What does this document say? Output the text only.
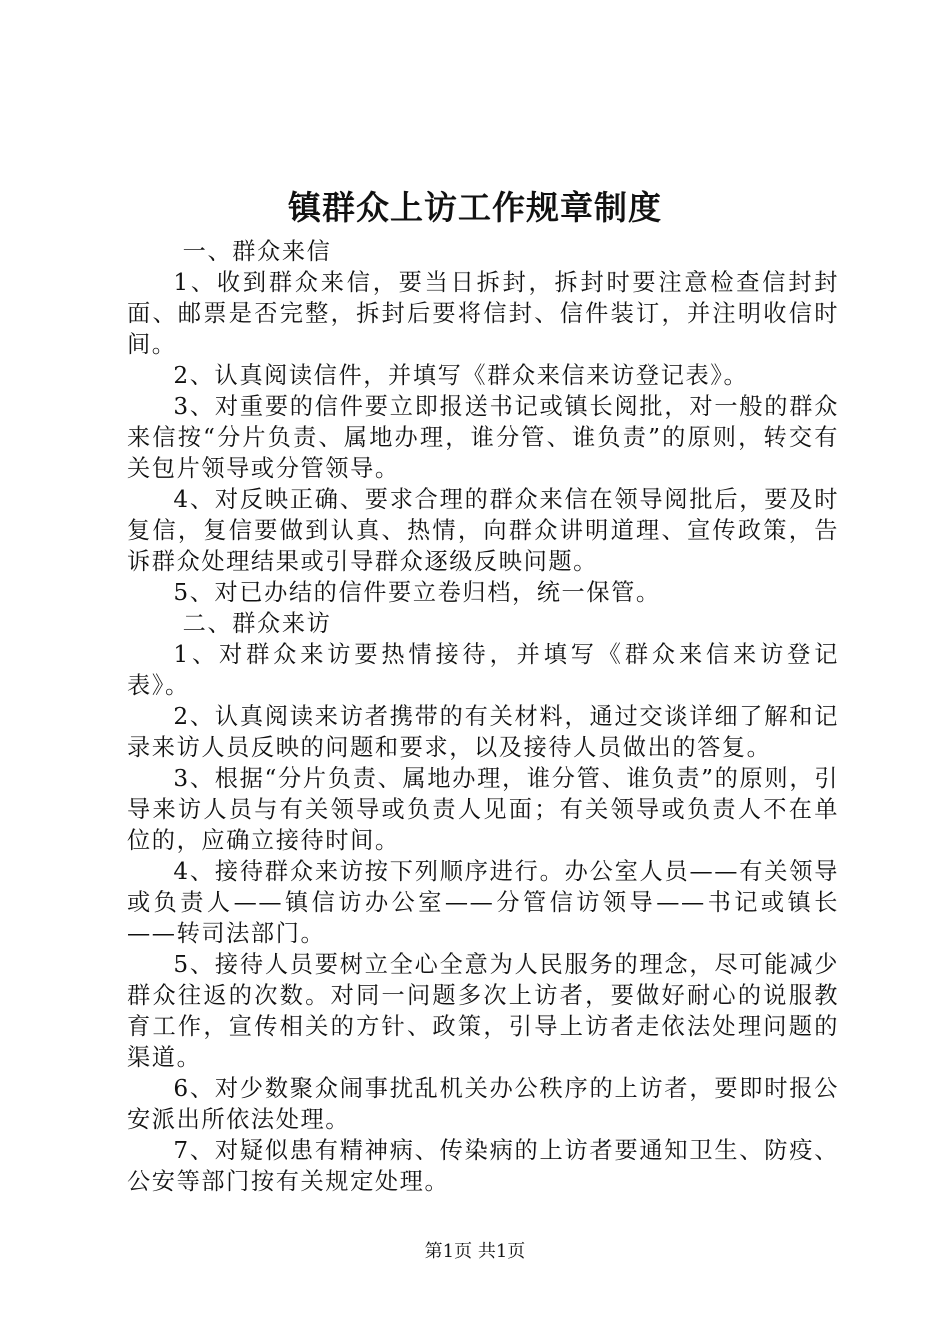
镇群众上访工作规章制度

一、群众来信

1、收到群众来信，要当日拆封，拆封时要注意检查信封封面、邮票是否完整，拆封后要将信封、信件装订，并注明收信时间。

2、认真阅读信件，并填写《群众来信来访登记表》。

3、对重要的信件要立即报送书记或镇长阅批，对一般的群众来信按“分片负责、属地办理，谁分管、谁负责”的原则，转交有关包片领导或分管领导。

4、对反映正确、要求合理的群众来信在领导阅批后，要及时复信，复信要做到认真、热情，向群众讲明道理、宣传政策，告诉群众处理结果或引导群众逐级反映问题。

5、对已办结的信件要立卷归档，统一保管。

二、群众来访

1、对群众来访要热情接待，并填写《群众来信来访登记表》。

2、认真阅读来访者携带的有关材料，通过交谈详细了解和记录来访人员反映的问题和要求，以及接待人员做出的答复。

3、根据“分片负责、属地办理，谁分管、谁负责”的原则，引导来访人员与有关领导或负责人见面；有关领导或负责人不在单位的，应确立接待时间。

4、接待群众来访按下列顺序进行。办公室人员——有关领导或负责人——镇信访办公室——分管信访领导——书记或镇长——转司法部门。

5、接待人员要树立全心全意为人民服务的理念，尽可能减少群众往返的次数。对同一问题多次上访者，要做好耐心的说服教育工作，宣传相关的方针、政策，引导上访者走依法处理问题的渠道。

6、对少数聚众闹事扰乱机关办公秩序的上访者，要即时报公安派出所依法处理。

7、对疑似患有精神病、传染病的上访者要通知卫生、防疫、公安等部门按有关规定处理。

第1页 共1页
